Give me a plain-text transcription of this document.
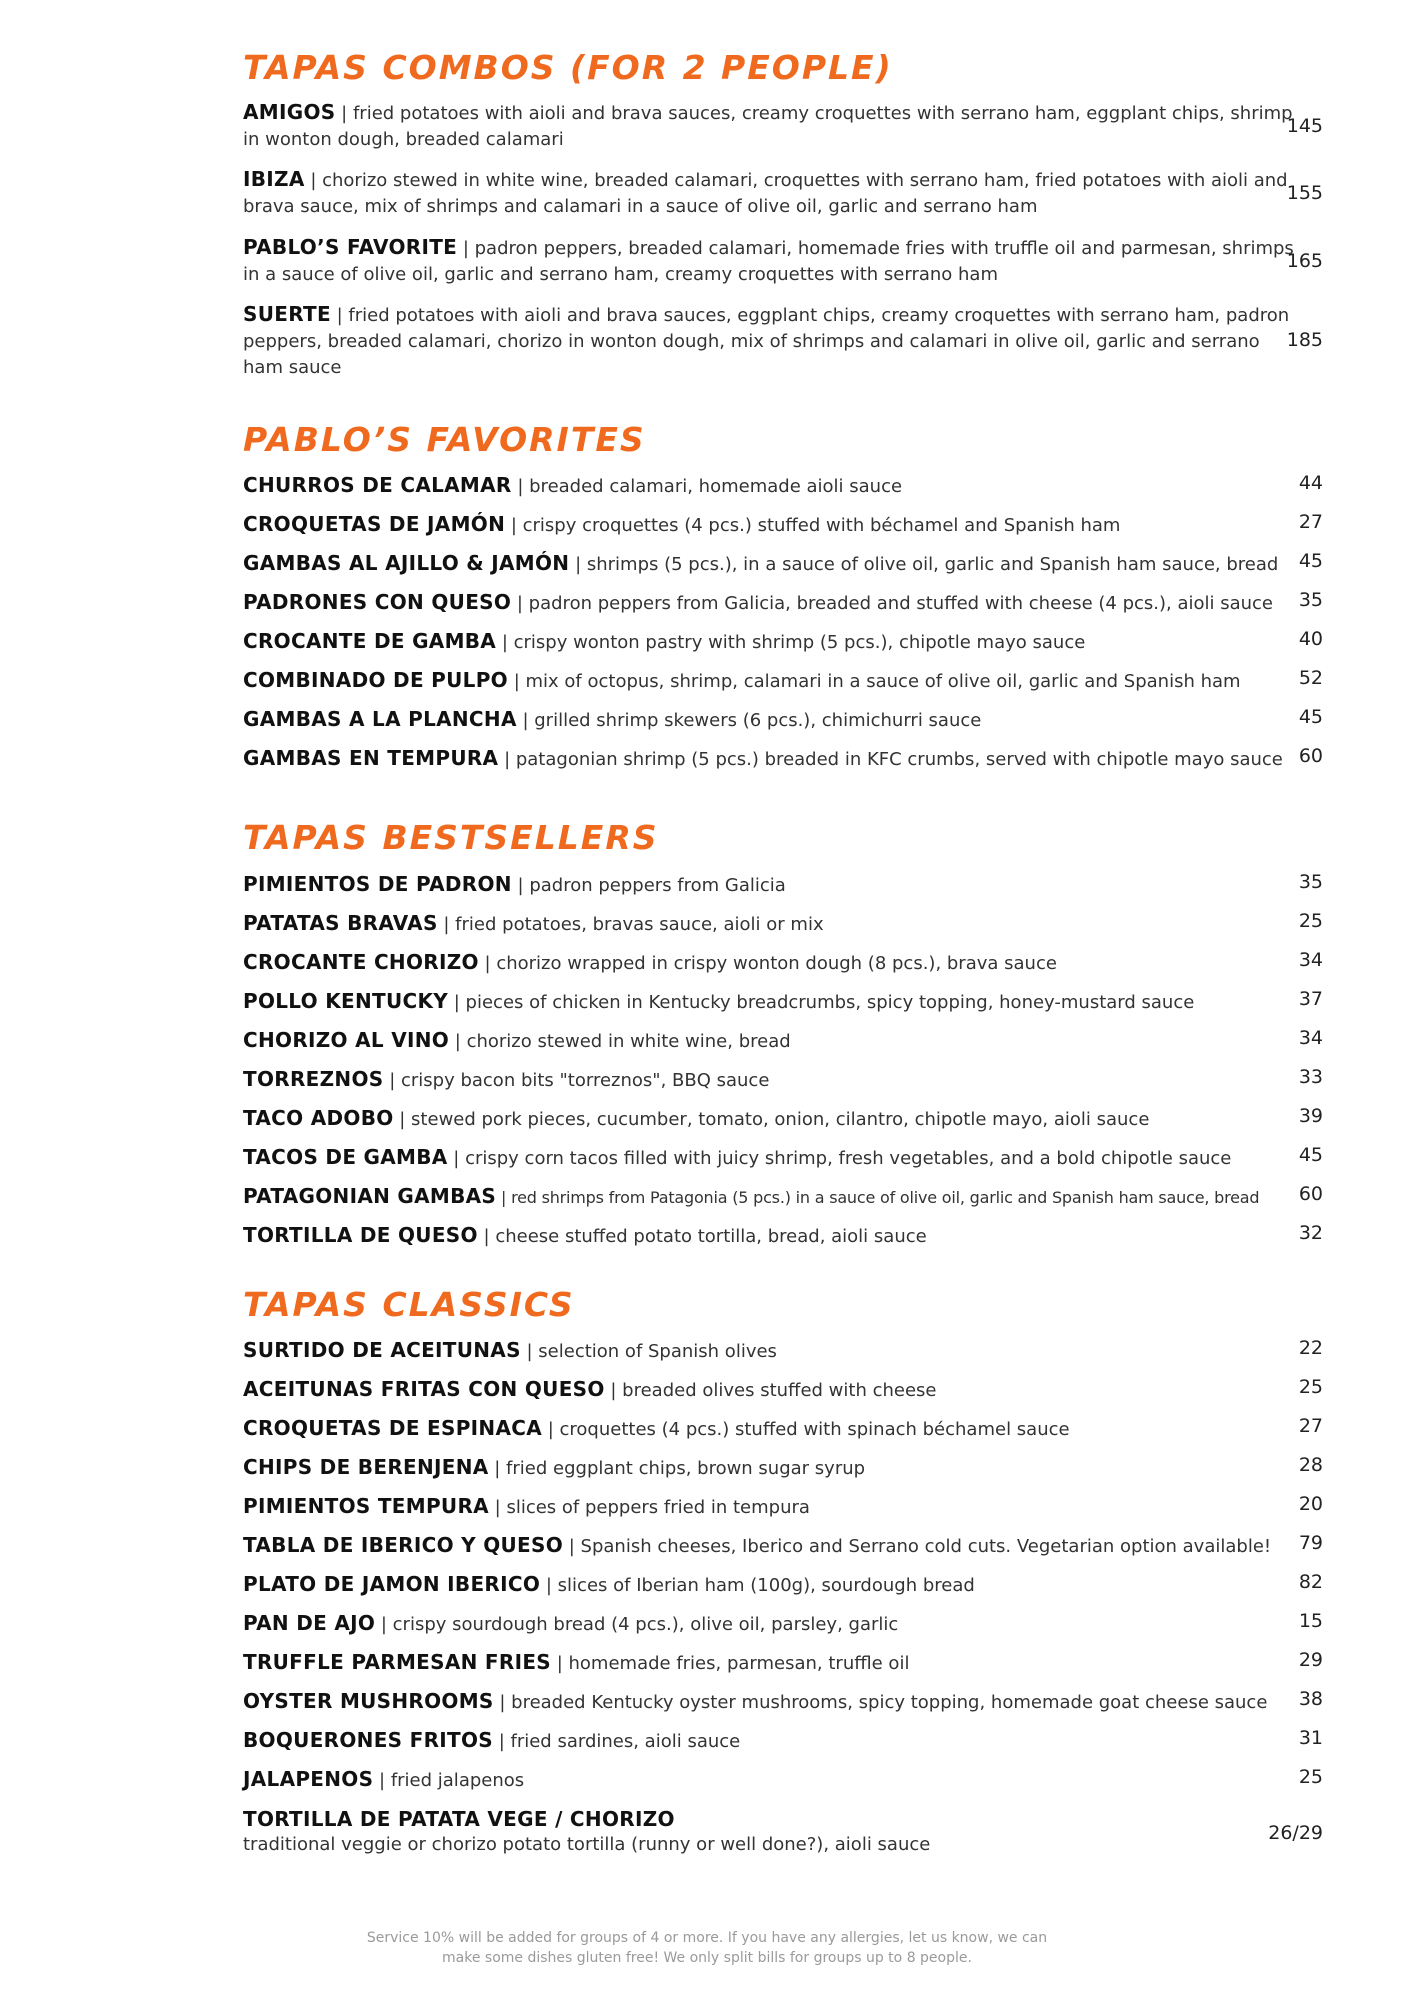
TAPAS COMBOS (FOR 2 PEOPLE)
AMIGOS | fried potatoes with aioli and brava sauces, creamy croquettes with serrano ham, eggplant chips, shrimp in wonton dough, breaded calamari
145
IBIZA | chorizo stewed in white wine, breaded calamari, croquettes with serrano ham, fried potatoes with aioli and brava sauce, mix of shrimps and calamari in a sauce of olive oil, garlic and serrano ham
155
PABLO’S FAVORITE | padron peppers, breaded calamari, homemade fries with truffle oil and parmesan, shrimps in a sauce of olive oil, garlic and serrano ham, creamy croquettes with serrano ham
165
SUERTE | fried potatoes with aioli and brava sauces, eggplant chips, creamy croquettes with serrano ham, padron peppers, breaded calamari, chorizo in wonton dough, mix of shrimps and calamari in olive oil, garlic and serrano ham sauce
185
PABLO’S FAVORITES
CHURROS DE CALAMAR | breaded calamari, homemade aioli sauce	44
CROQUETAS DE JAMÓN | crispy croquettes (4 pcs.) stuffed with béchamel and Spanish ham	27
GAMBAS AL AJILLO & JAMÓN | shrimps (5 pcs.), in a sauce of olive oil, garlic and Spanish ham sauce, bread	45
PADRONES CON QUESO | padron peppers from Galicia, breaded and stuffed with cheese (4 pcs.), aioli sauce	35
CROCANTE DE GAMBA | crispy wonton pastry with shrimp (5 pcs.), chipotle mayo sauce	40
COMBINADO DE PULPO | mix of octopus, shrimp, calamari in a sauce of olive oil, garlic and Spanish ham	52
GAMBAS A LA PLANCHA | grilled shrimp skewers (6 pcs.), chimichurri sauce	45
GAMBAS EN TEMPURA | patagonian shrimp (5 pcs.) breaded in KFC crumbs, served with chipotle mayo sauce 60
TAPAS BESTSELLERS
PIMIENTOS DE PADRON | padron peppers from Galicia	35
PATATAS BRAVAS | fried potatoes, bravas sauce, aioli or mix	25
CROCANTE CHORIZO | chorizo wrapped in crispy wonton dough (8 pcs.), brava sauce	34
POLLO KENTUCKY | pieces of chicken in Kentucky breadcrumbs, spicy topping, honey-mustard sauce	37
CHORIZO AL VINO | chorizo stewed in white wine, bread	34
TORREZNOS | crispy bacon bits "torreznos", BBQ sauce	33
TACO ADOBO | stewed pork pieces, cucumber, tomato, onion, cilantro, chipotle mayo, aioli sauce	39
TACOS DE GAMBA | crispy corn tacos filled with juicy shrimp, fresh vegetables, and a bold chipotle sauce	45
PATAGONIAN GAMBAS | red shrimps from Patagonia (5 pcs.) in a sauce of olive oil, garlic and Spanish ham sauce, bread	60
TORTILLA DE QUESO | cheese stuffed potato tortilla, bread, aioli sauce	32
TAPAS CLASSICS
SURTIDO DE ACEITUNAS | selection of Spanish olives	22
ACEITUNAS FRITAS CON QUESO | breaded olives stuffed with cheese	25
CROQUETAS DE ESPINACA | croquettes (4 pcs.) stuffed with spinach béchamel sauce	27
CHIPS DE BERENJENA | fried eggplant chips, brown sugar syrup	28
PIMIENTOS TEMPURA | slices of peppers fried in tempura	20
TABLA DE IBERICO Y QUESO | Spanish cheeses, Iberico and Serrano cold cuts. Vegetarian option available!	79
PLATO DE JAMON IBERICO | slices of Iberian ham (100g), sourdough bread	82
PAN DE AJO | crispy sourdough bread (4 pcs.), olive oil, parsley, garlic	15
TRUFFLE PARMESAN FRIES | homemade fries, parmesan, truffle oil	29
OYSTER MUSHROOMS | breaded Kentucky oyster mushrooms, spicy topping, homemade goat cheese sauce	38
BOQUERONES FRITOS | fried sardines, aioli sauce	31
JALAPENOS | fried jalapenos	25
TORTILLA DE PATATA VEGE / CHORIZO
traditional veggie or chorizo potato tortilla (runny or well done?), aioli sauce
26/29
Service 10% will be added for groups of 4 or more. If you have any allergies, let us know, we can
make some dishes gluten free! We only split bills for groups up to 8 people.
